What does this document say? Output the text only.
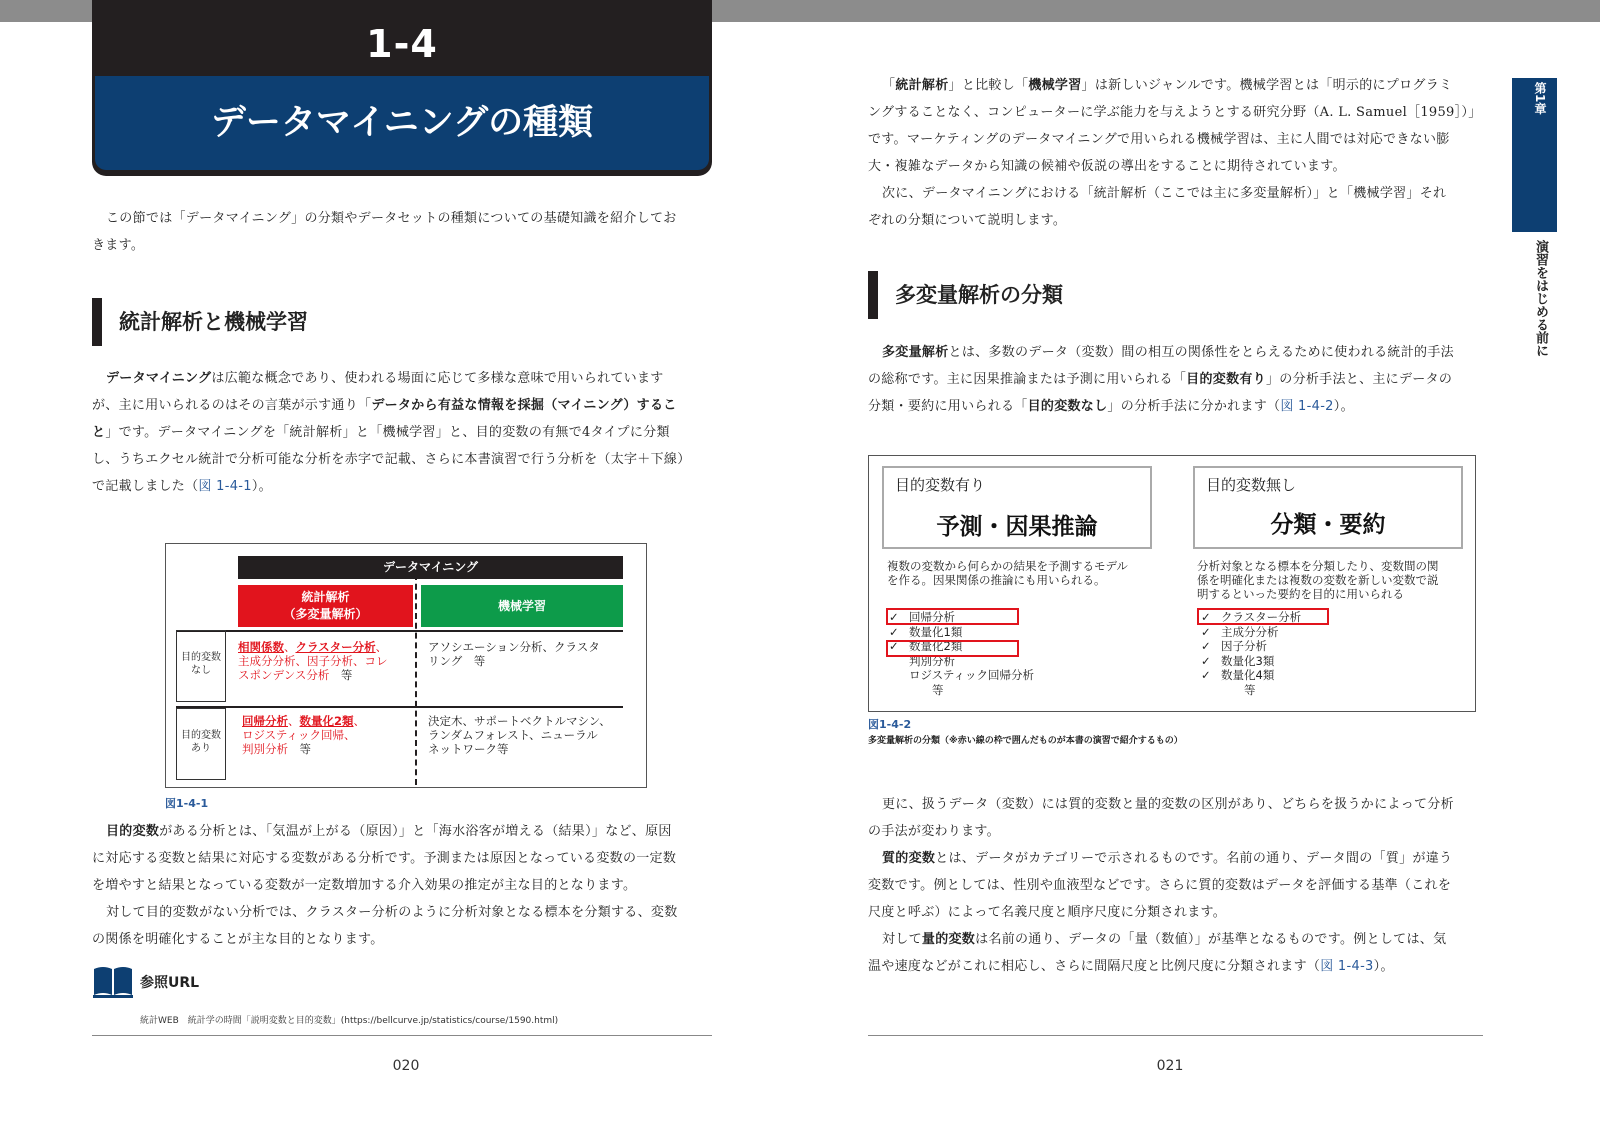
1-4
データマイニングの種類
この節では「データマイニング」の分類やデータセットの種類についての基礎知識を紹介してお
きます。
統計解析と機械学習
データマイニングは広範な概念であり、使われる場面に応じて多様な意味で用いられています
が、主に用いられるのはその言葉が示す通り「データから有益な情報を採掘（マイニング）するこ
と」です。データマイニングを「統計解析」と「機械学習」と、目的変数の有無で4タイプに分類
し、うちエクセル統計で分析可能な分析を赤字で記載、さらに本書演習で行う分析を（太字＋下線）
で記載しました（図 1-4-1）。
データマイニング
統計解析
（多変量解析）
機械学習
目的変数
なし
目的変数
あり
相関係数、クラスター分析、
主成分分析、因子分析、コレ
スポンデンス分析　等
アソシエーション分析、クラスタ
リング　等
回帰分析、数量化2類、
ロジスティック回帰、
判別分析　等
決定木、サポートベクトルマシン、
ランダムフォレスト、ニューラル
ネットワーク等
図1-4-1
目的変数がある分析とは、「気温が上がる（原因）」と「海水浴客が増える（結果）」など、原因
に対応する変数と結果に対応する変数がある分析です。予測または原因となっている変数の一定数
を増やすと結果となっている変数が一定数増加する介入効果の推定が主な目的となります。
対して目的変数がない分析では、クラスター分析のように分析対象となる標本を分類する、変数
の関係を明確化することが主な目的となります。
参照URL
統計WEB　統計学の時間「説明変数と目的変数」(https://bellcurve.jp/statistics/course/1590.html)
020
第1章
演習をはじめる前に
「統計解析」と比較し「機械学習」は新しいジャンルです。機械学習とは「明示的にプログラミ
ングすることなく、コンピューターに学ぶ能力を与えようとする研究分野（A. L. Samuel［1959］）」
です。マーケティングのデータマイニングで用いられる機械学習は、主に人間では対応できない膨
大・複雑なデータから知識の候補や仮説の導出をすることに期待されています。
次に、データマイニングにおける「統計解析（ここでは主に多変量解析）」と「機械学習」それ
ぞれの分類について説明します。
多変量解析の分類
多変量解析とは、多数のデータ（変数）間の相互の関係性をとらえるために使われる統計的手法
の総称です。主に因果推論または予測に用いられる「目的変数有り」の分析手法と、主にデータの
分類・要約に用いられる「目的変数なし」の分析手法に分かれます（図 1-4-2）。
目的変数有り
予測・因果推論
目的変数無し
分類・要約
複数の変数から何らかの結果を予測するモデル
を作る。因果関係の推論にも用いられる。
分析対象となる標本を分類したり、変数間の関
係を明確化または複数の変数を新しい変数で説
明するといった要約を目的に用いられる
✓ 回帰分析
✓ 数量化1類
✓ 数量化2類
判別分析
ロジスティック回帰分析
　　等
✓ クラスター分析
✓ 主成分分析
✓ 因子分析
✓ 数量化3類
✓ 数量化4類
　　等
図1-4-2
多変量解析の分類（※赤い線の枠で囲んだものが本書の演習で紹介するもの）
更に、扱うデータ（変数）には質的変数と量的変数の区別があり、どちらを扱うかによって分析
の手法が変わります。
質的変数とは、データがカテゴリーで示されるものです。名前の通り、データ間の「質」が違う
変数です。例としては、性別や血液型などです。さらに質的変数はデータを評価する基準（これを
尺度と呼ぶ）によって名義尺度と順序尺度に分類されます。
対して量的変数は名前の通り、データの「量（数値）」が基準となるものです。例としては、気
温や速度などがこれに相応し、さらに間隔尺度と比例尺度に分類されます（図 1-4-3）。
021
